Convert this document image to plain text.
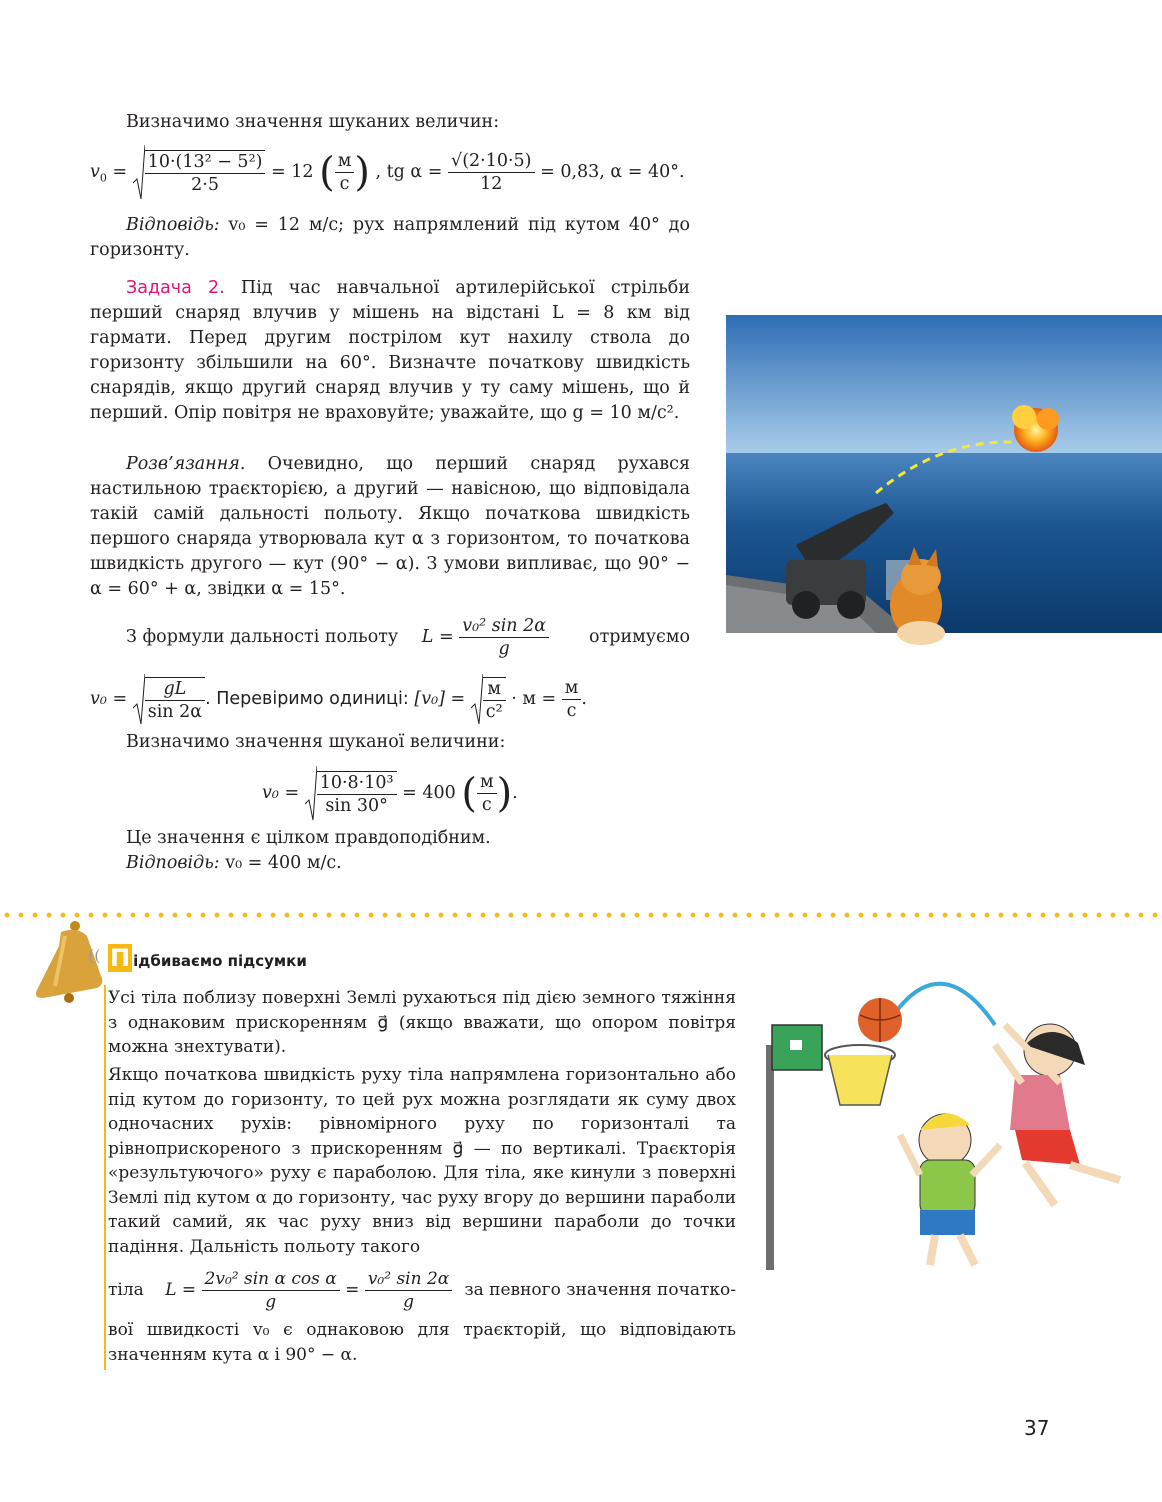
Визначимо значення шуканих величин:
$v_0 = \frac{\text{10·(13² − 5²)}}{2\cdot 5} = 12$ ( $\frac{м}{с}$ ) , tg $\alpha = \frac{√(2\cdot 10\cdot 5)}{12} = 0,83$, α = 40°.
Відповідь: v₀ = 12 м/с; рух напрямлений під кутом 40° до горизонту.
Задача 2. Під час навчальної артилерійської стрільби перший снаряд влучив у мішень на відстані L = 8 км від гармати. Перед другим пострілом кут нахилу ствола до горизонту збільшили на 60°. Визначте початкову швидкість снарядів, якщо другий снаряд влучив у ту саму мішень, що й перший. Опір повітря не враховуйте; уважайте, що g = 10 м/с².
Розв’язання. Очевидно, що перший снаряд рухався настильною траєкторією, а другий — навісною, що відповідала такій самій дальності польоту. Якщо початкова швидкість першого снаряда утворювала кут α з горизонтом, то початкова швидкість другого — кут (90° − α). З умови випливає, що 90° − α = 60° + α, звідки α = 15°.
З формули дальності польоту $L = \frac{\text{v₀² sin 2α}}{g}$ отримуємо
$v_0 = \frac{gL}{\sin 2\alpha}$ . Перевіримо одиниці: $[v_0] = \frac{м}{\text{с²}} \cdot м = \frac{м}{с}$ .
Визначимо значення шуканої величини:
$v_0 = \frac{\text{10·8·10³}}{\sin 30^\circ} = 400$ ( $\frac{м}{с}$ ).
Це значення є цілком правдоподібним.
Відповідь: v₀ = 400 м/с.
(( П ідбиваємо підсумки
Усі тіла поблизу поверхні Землі рухаються під дією земного тяжіння з однаковим прискоренням g⃗ (якщо вважати, що опором повітря можна знехтувати).
Якщо початкова швидкість руху тіла напрямлена горизонтально або під кутом до горизонту, то цей рух можна розглядати як суму двох одночасних рухів: рівномірного руху по горизонталі та рівноприскореного з прискоренням g⃗ — по вертикалі. Траєкторія «результуючого» руху є параболою. Для тіла, яке кинули з поверхні Землі під кутом α до горизонту, час руху вгору до вершини параболи такий самий, як час руху вниз від вершини параболи до точки падіння. Дальність польоту такого
тіла $L = \frac{\text{2v₀² sin α cos α}}{g} = \frac{\text{v₀² sin 2α}}{g}$ за певного значення початко-
вої швидкості v₀ є однаковою для траєкторій, що відповідають значенням кута α і 90° − α.
37
